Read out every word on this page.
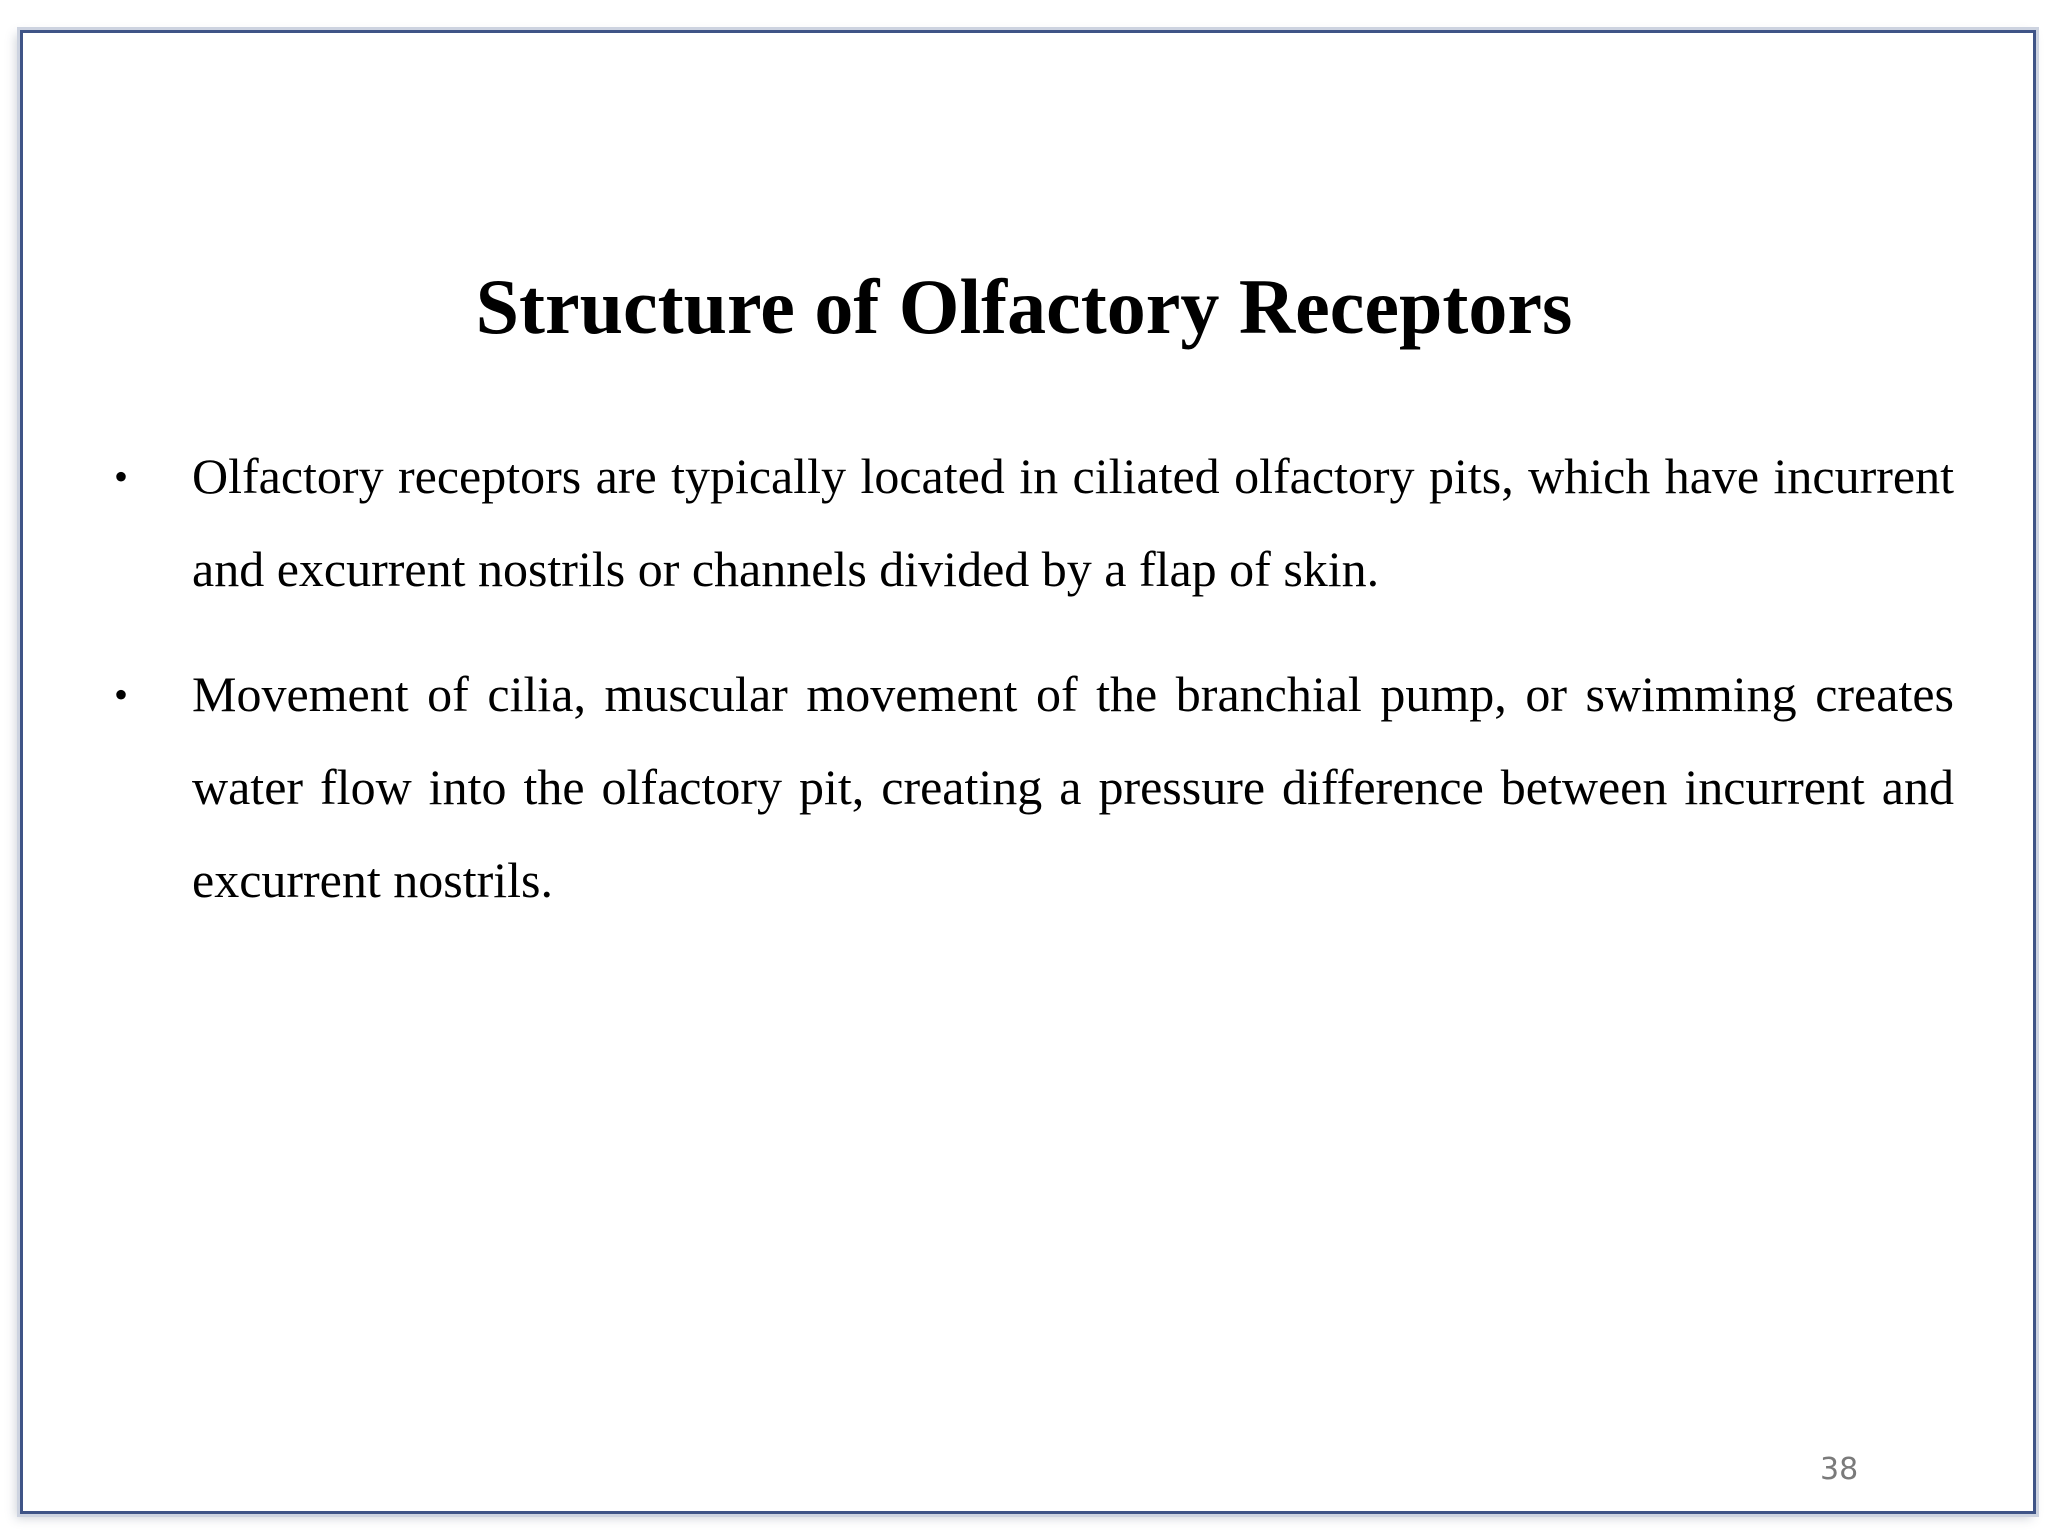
Structure of Olfactory Receptors
• Olfactory receptors are typically located in ciliated olfactory pits, which have incurrent and excurrent nostrils or channels divided by a flap of skin.
• Movement of cilia, muscular movement of the branchial pump, or swimming creates water flow into the olfactory pit, creating a pressure difference between incurrent and excurrent nostrils.
38
